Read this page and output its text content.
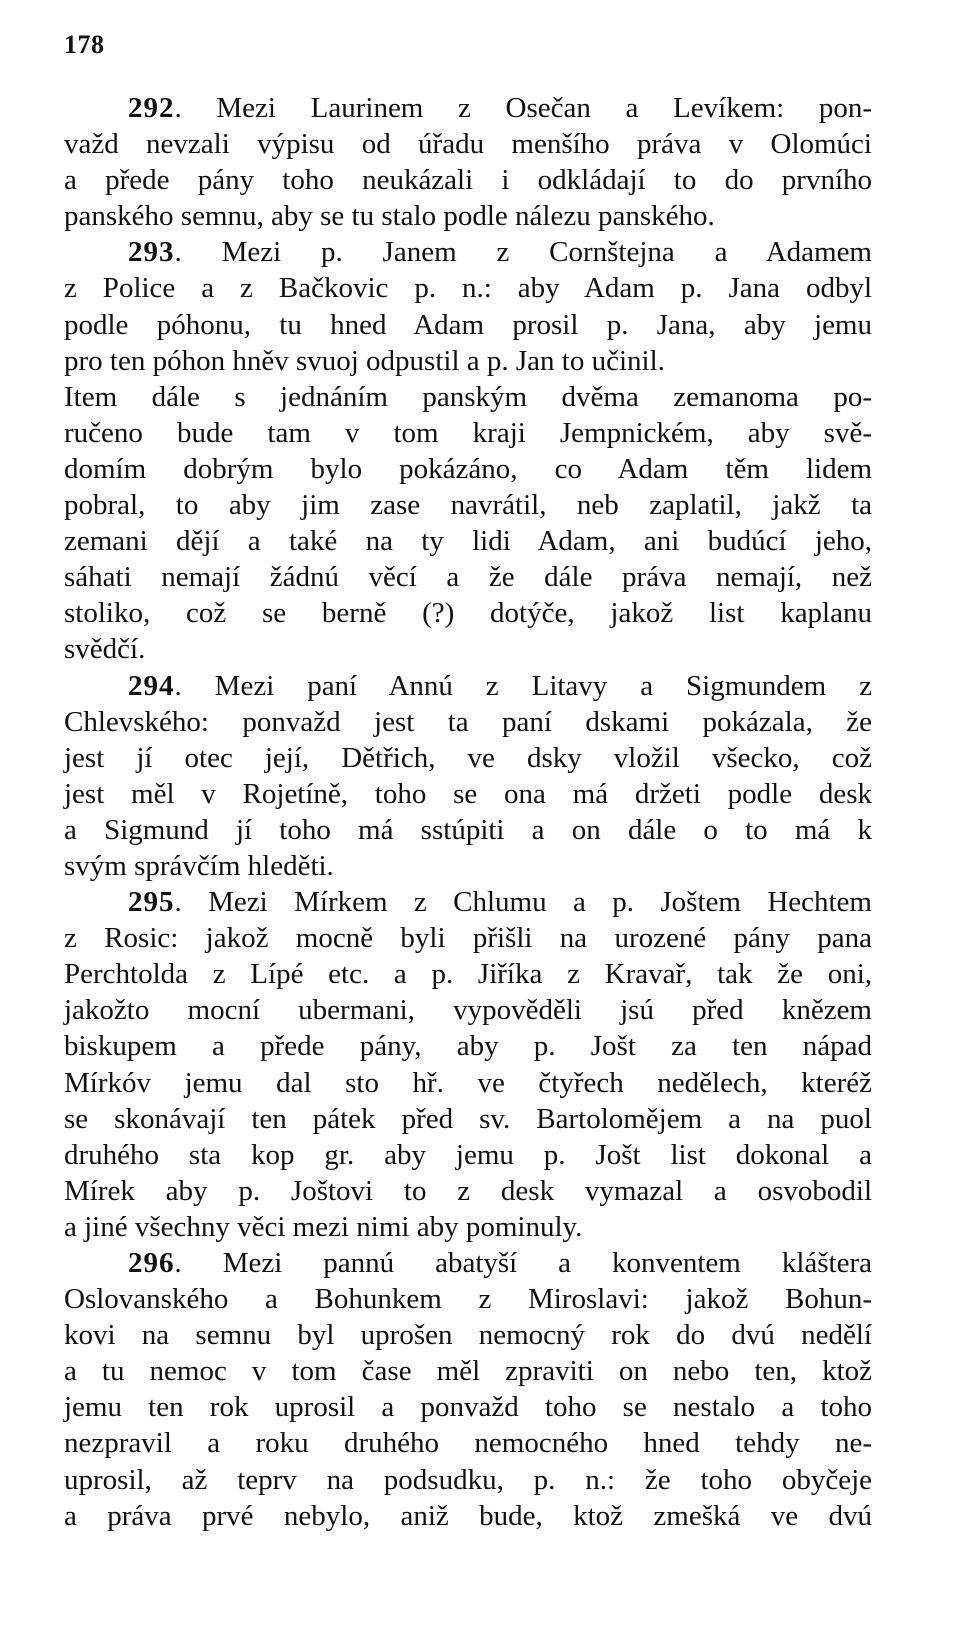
178
292. Mezi Laurinem z Osečan a Levíkem: pon-
važd nevzali výpisu od úřadu menšího práva v Olomúci
a přede pány toho neukázali i odkládají to do prvního
panského semnu, aby se tu stalo podle nálezu panského.
293. Mezi p. Janem z Cornštejna a Adamem
z Police a z Bačkovic p. n.: aby Adam p. Jana odbyl
podle póhonu, tu hned Adam prosil p. Jana, aby jemu
pro ten póhon hněv svuoj odpustil a p. Jan to učinil.
Item dále s jednáním panským dvěma zemanoma po-
ručeno bude tam v tom kraji Jempnickém, aby svě-
domím dobrým bylo pokázáno, co Adam těm lidem
pobral, to aby jim zase navrátil, neb zaplatil, jakž ta
zemani dějí a také na ty lidi Adam, ani budúcí jeho,
sáhati nemají žádnú věcí a že dále práva nemají, než
stoliko, což se berně (?) dotýče, jakož list kaplanu
svědčí.
294. Mezi paní Annú z Litavy a Sigmundem z
Chlevského: ponvažd jest ta paní dskami pokázala, že
jest jí otec její, Dětřich, ve dsky vložil všecko, což
jest měl v Rojetíně, toho se ona má držeti podle desk
a Sigmund jí toho má sstúpiti a on dále o to má k
svým správčím hleděti.
295. Mezi Mírkem z Chlumu a p. Joštem Hechtem
z Rosic: jakož mocně byli přišli na urozené pány pana
Perchtolda z Lípé etc. a p. Jiříka z Kravař, tak že oni,
jakožto mocní ubermani, vypověděli jsú před knězem
biskupem a přede pány, aby p. Jošt za ten nápad
Mírkóv jemu dal sto hř. ve čtyřech nedělech, kteréž
se skonávají ten pátek před sv. Bartoloměјem a na puol
druhého sta kop gr. aby jemu p. Jošt list dokonal a
Mírek aby p. Joštovi to z desk vymazal a osvobodil
a jiné všechny věci mezi nimi aby pominuly.
296. Mezi pannú abatyší a konventem kláštera
Oslovanského a Bohunkem z Miroslavi: jakož Bohun-
kovi na semnu byl uprošen nemocný rok do dvú nedělí
a tu nemoc v tom čase měl zpraviti on nebo ten, ktož
jemu ten rok uprosil a ponvažd toho se nestalo a toho
nezpravil a roku druhého nemocného hned tehdy ne-
uprosil, až teprv na podsudku, p. n.: že toho obyčeje
a práva prvé nebylo, aniž bude, ktož zmešká ve dvú
